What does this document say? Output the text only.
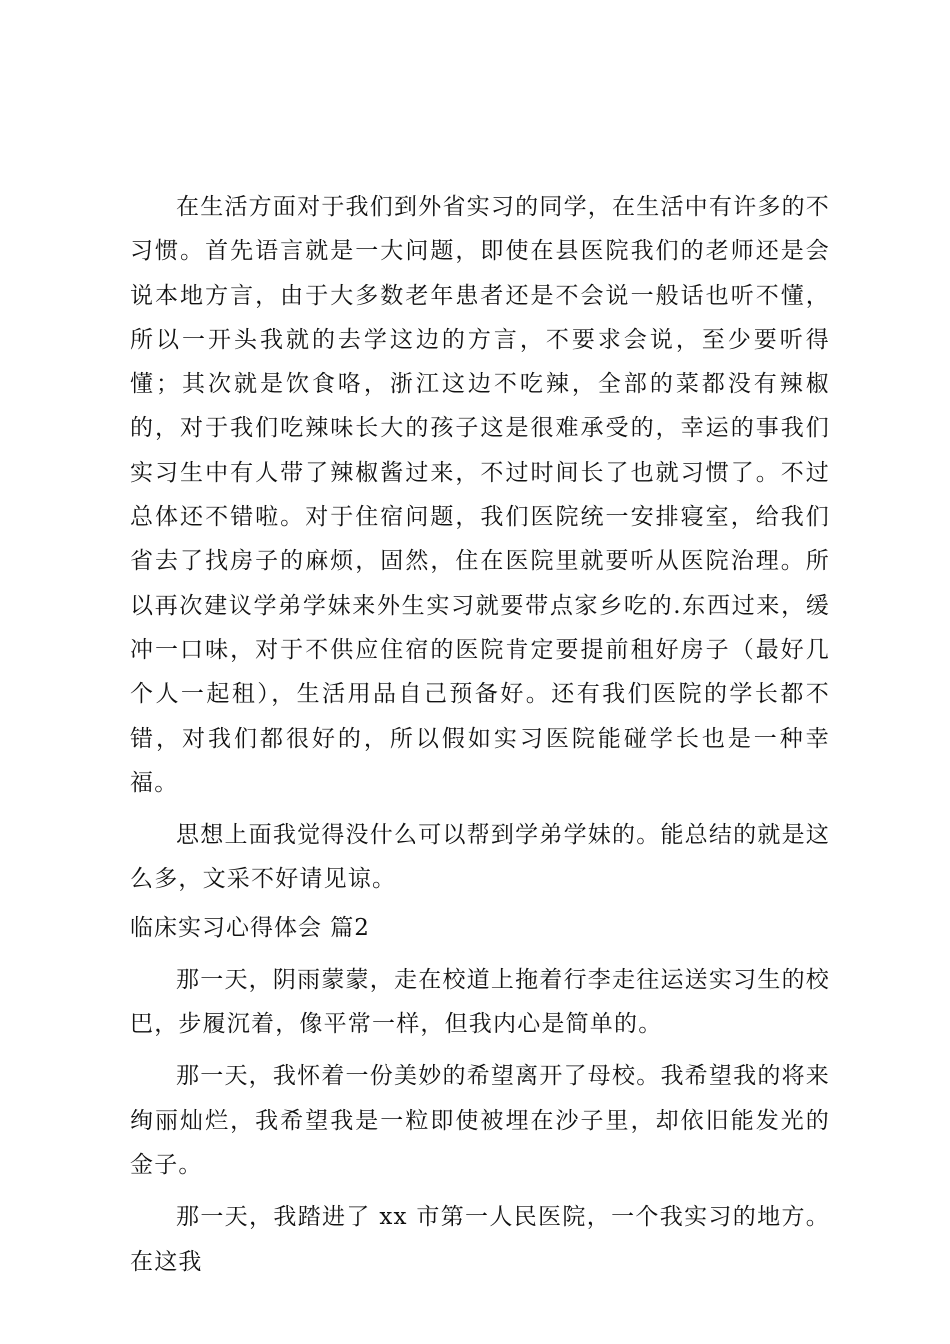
在生活方面对于我们到外省实习的同学，在生活中有许多的不习惯。首先语言就是一大问题，即使在县医院我们的老师还是会说本地方言，由于大多数老年患者还是不会说一般话也听不懂，所以一开头我就的去学这边的方言，不要求会说，至少要听得懂；其次就是饮食咯，浙江这边不吃辣，全部的菜都没有辣椒的，对于我们吃辣味长大的孩子这是很难承受的，幸运的事我们实习生中有人带了辣椒酱过来，不过时间长了也就习惯了。不过总体还不错啦。对于住宿问题，我们医院统一安排寝室，给我们省去了找房子的麻烦，固然，住在医院里就要听从医院治理。所以再次建议学弟学妹来外生实习就要带点家乡吃的.东西过来，缓冲一口味，对于不供应住宿的医院肯定要提前租好房子（最好几个人一起租），生活用品自己预备好。还有我们医院的学长都不错，对我们都很好的，所以假如实习医院能碰学长也是一种幸福。

思想上面我觉得没什么可以帮到学弟学妹的。能总结的就是这么多，文采不好请见谅。

临床实习心得体会 篇2

那一天，阴雨蒙蒙，走在校道上拖着行李走往运送实习生的校巴，步履沉着，像平常一样，但我内心是简单的。

那一天，我怀着一份美妙的希望离开了母校。我希望我的将来绚丽灿烂，我希望我是一粒即使被埋在沙子里，却依旧能发光的金子。

那一天，我踏进了 xx 市第一人民医院，一个我实习的地方。在这我
